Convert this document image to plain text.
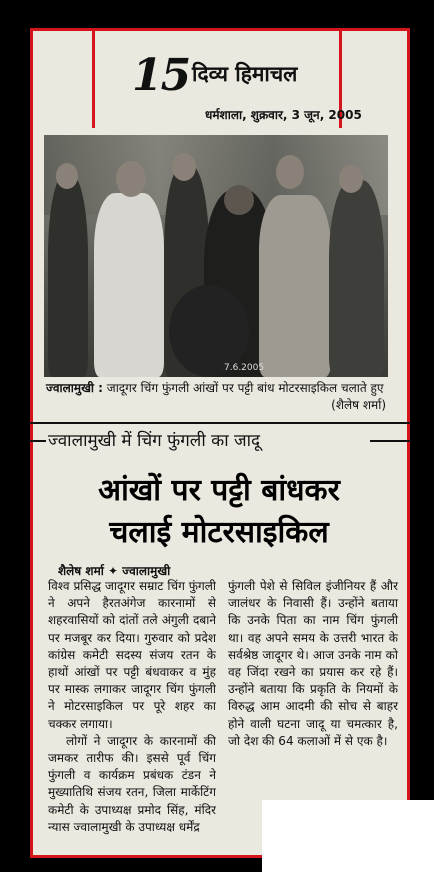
15 दिव्य हिमाचल
धर्मशाला, शुक्रवार, 3 जून, 2005
7.6.2005
ज्वालामुखी : जादूगर चिंग फुंगली आंखों पर पट्टी बांध मोटरसाइकिल चलाते हुए
(शैलेष शर्मा)
ज्वालामुखी में चिंग फुंगली का जादू
आंखों पर पट्टी बांधकर
चलाई मोटरसाइकिल
शैलेष शर्मा ✦ ज्वालामुखी

विश्व प्रसिद्ध जादूगर सम्राट चिंग फुंगली ने अपने हैरतअंगेज कारनामों से शहरवासियों को दांतों तले अंगुली दबाने पर मजबूर कर दिया। गुरुवार को प्रदेश कांग्रेस कमेटी सदस्य संजय रतन के हाथों आंखों पर पट्टी बंधवाकर व मुंह पर मास्क लगाकर जादूगर चिंग फुंगली ने मोटरसाइकिल पर पूरे शहर का चक्कर लगाया।

लोगों ने जादूगर के कारनामों की जमकर तारीफ की। इससे पूर्व चिंग फुंगली व कार्यक्रम प्रबंधक टंडन ने मुख्यातिथि संजय रतन, जिला मार्केटिंग कमेटी के उपाध्यक्ष प्रमोद सिंह, मंदिर न्यास ज्वालामुखी के उपाध्यक्ष धर्मेंद्र

फुंगली पेशे से सिविल इंजीनियर हैं और जालंधर के निवासी हैं। उन्होंने बताया कि उनके पिता का नाम चिंग फुंगली था। वह अपने समय के उत्तरी भारत के सर्वश्रेष्ठ जादूगर थे। आज उनके नाम को वह जिंदा रखने का प्रयास कर रहे हैं। उन्होंने बताया कि प्रकृति के नियमों के विरुद्ध आम आदमी की सोच से बाहर होने वाली घटना जादू या चमत्कार है, जो देश की 64 कलाओं में से एक है।
